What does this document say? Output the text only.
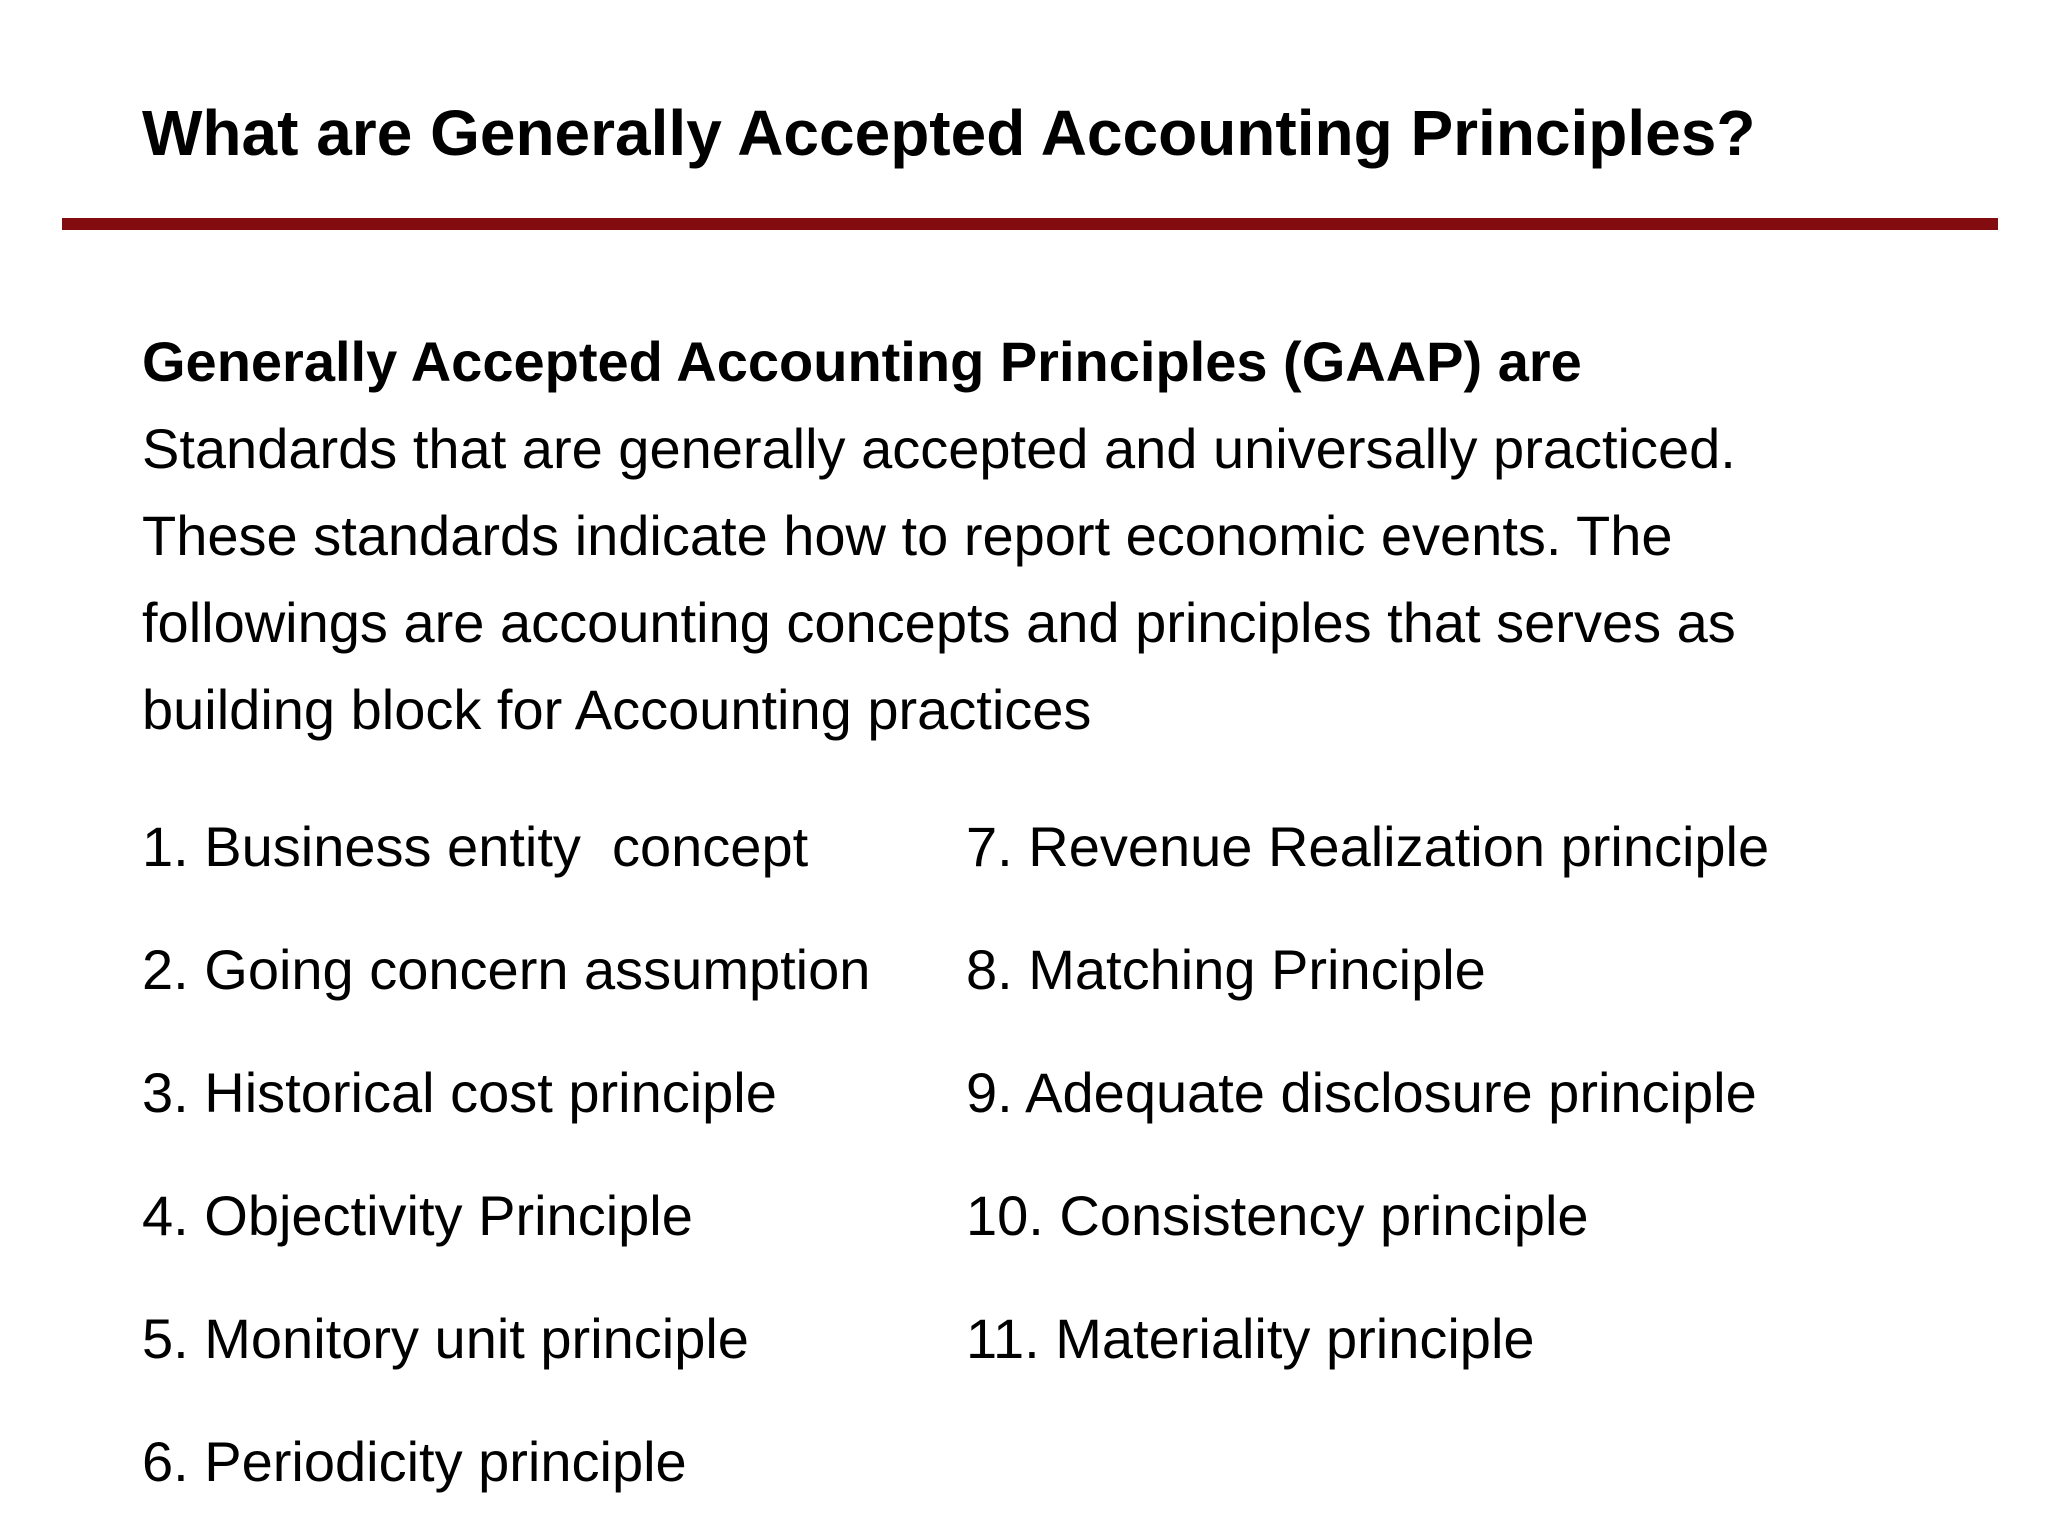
What are Generally Accepted Accounting Principles?
Generally Accepted Accounting Principles (GAAP) are
Standards that are generally accepted and universally practiced.
These standards indicate how to report economic events. The
followings are accounting concepts and principles that serves as
building block for Accounting practices
1. Business entity  concept
2. Going concern assumption
3. Historical cost principle
4. Objectivity Principle
5. Monitory unit principle
6. Periodicity principle
7. Revenue Realization principle
8. Matching Principle
9. Adequate disclosure principle
10. Consistency principle
11. Materiality principle
